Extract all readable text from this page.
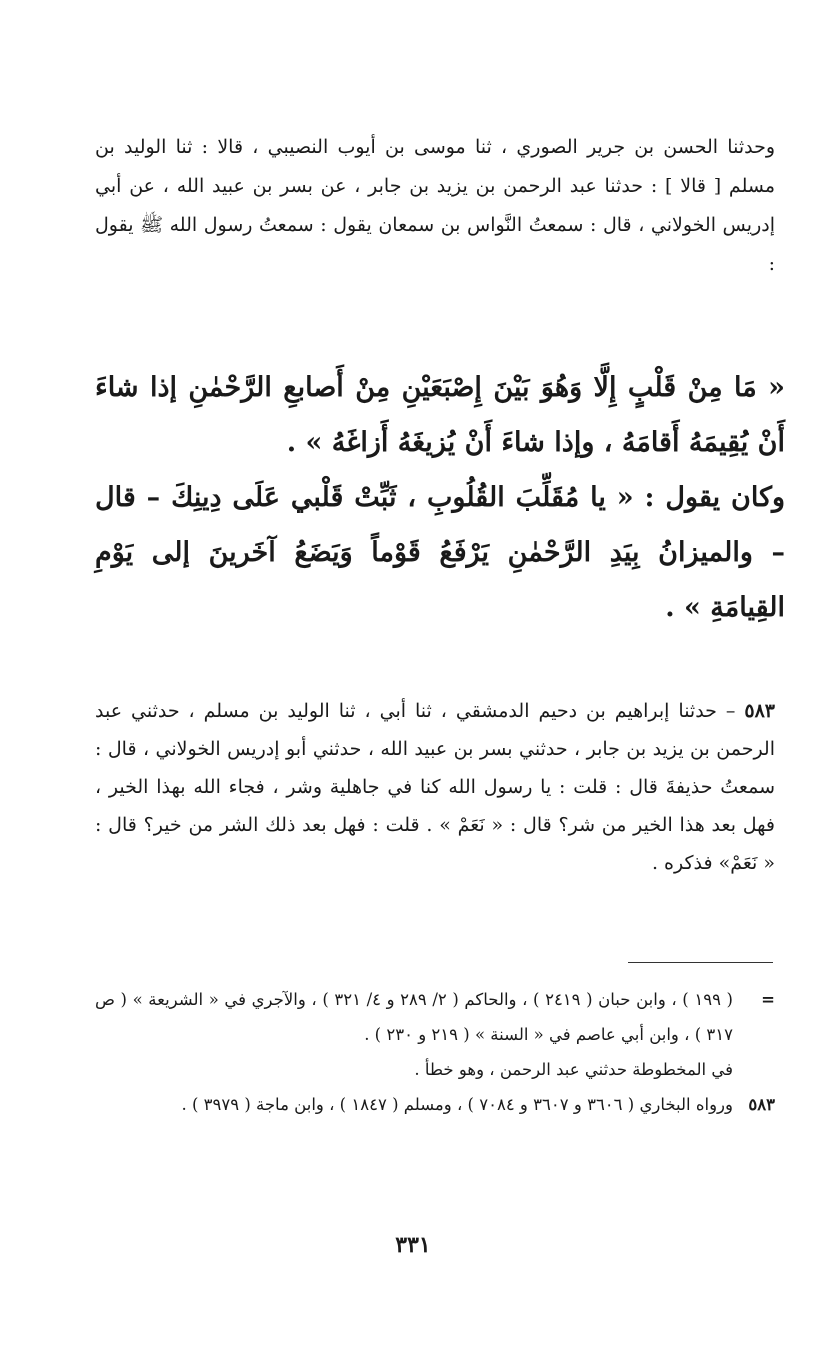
وحدثنا الحسن بن جرير الصوري ، ثنا موسى بن أيوب النصيبي ، قالا : ثنا الوليد بن مسلم [ قالا ] : حدثنا عبد الرحمن بن يزيد بن جابر ، عن بسر بن عبيد الله ، عن أبي إدريس الخولاني ، قال : سمعتُ النَّواس بن سمعان يقول : سمعتُ رسول الله ﷺ يقول :
« مَا مِنْ قَلْبٍ إِلَّا وَهُوَ بَيْنَ إِصْبَعَيْنِ مِنْ أَصابعِ الرَّحْمٰنِ إذا شاءَ أَنْ يُقِيمَهُ أَقامَهُ ، وإذا شاءَ أَنْ يُزيغَهُ أَزاغَهُ » .
وكان يقول : « يا مُقَلِّبَ القُلُوبِ ، ثَبِّتْ قَلْبي عَلَى دِينِكَ – قال – والميزانُ بِيَدِ الرَّحْمٰنِ يَرْفَعُ قَوْماً وَيَضَعُ آخَرينَ إلى يَوْمِ القِيامَةِ » .
٥٨٣ – حدثنا إبراهيم بن دحيم الدمشقي ، ثنا أبي ، ثنا الوليد بن مسلم ، حدثني عبد الرحمن بن يزيد بن جابر ، حدثني بسر بن عبيد الله ، حدثني أبو إدريس الخولاني ، قال : سمعتُ حذيفةَ قال : قلت : يا رسول الله كنا في جاهلية وشر ، فجاء الله بهذا الخير ، فهل بعد هذا الخير من شر؟ قال : « نَعَمْ » . قلت : فهل بعد ذلك الشر من خير؟ قال : « نَعَمْ» فذكره .
=
( ١٩٩ ) ، وابن حبان ( ٢٤١٩ ) ، والحاكم ( ٢/ ٢٨٩ و ٤/ ٣٢١ ) ، والآجري في « الشريعة » ( ص ٣١٧ ) ، وابن أبي عاصم في « السنة » ( ٢١٩ و ٢٣٠ ) .
في المخطوطة حدثني عبد الرحمن ، وهو خطأ .
٥٨٣
ورواه البخاري ( ٣٦٠٦ و ٣٦٠٧ و ٧٠٨٤ ) ، ومسلم ( ١٨٤٧ ) ، وابن ماجة ( ٣٩٧٩ ) .
٣٣١
